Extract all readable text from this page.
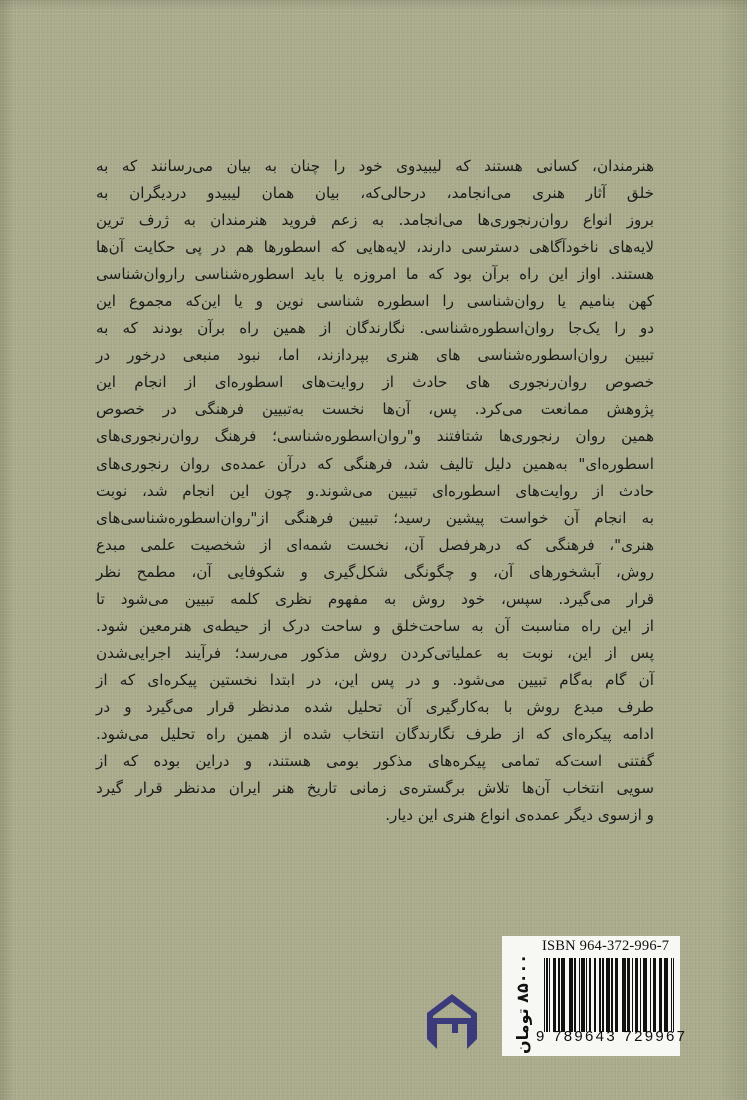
هنرمندان، کسانی هستند که لیبیدوی خود را چنان به بیان می‌رسانند که به
خلق آثار هنری می‌انجامد، درحالی‌که، بیان همان لیبیدو دردیگران به
بروز انواع روان‌رنجوری‌ها می‌انجامد. به زعم فروید هنرمندان به ژرف ترین
لایه‌های ناخودآگاهی دسترسی دارند، لایه‌هایی که اسطورها هم در پی حکایت آن‌ها
هستند. اواز این راه برآن بود که ما امروزه یا باید اسطوره‌شناسی راروان‌شناسی
کهن بنامیم یا روان‌شناسی را اسطوره شناسی نوین و یا این‌که مجموع این
دو را یک‌جا روان‌اسطوره‌شناسی. نگارندگان از همین راه برآن بودند که به
تبیین روان‌اسطوره‌شناسی های هنری بپردازند، اما، نبود منبعی درخور در
خصوص روان‌رنجوری های حادث از روایت‌های اسطوره‌ای از انجام این
پژوهش ممانعت می‌کرد. پس، آن‌ها نخست به‌تبیین فرهنگی در خصوص
همین روان رنجوری‌ها شتافتند و"روان‌اسطوره‌شناسی؛ فرهنگ روان‌رنجوری‌های
اسطوره‌ای" به‌همین دلیل تالیف شد، فرهنگی که درآن عمده‌ی روان رنجوری‌های
حادث از روایت‌های اسطوره‌ای تبیین می‌شوند.و چون این انجام شد، نوبت
به انجام آن خواست پیشین رسید؛ تبیین فرهنگی از"روان‌اسطوره‌شناسی‌های
هنری"، فرهنگی که درهرفصل آن، نخست شمه‌ای از شخصیت علمی مبدع
روش، آبشخورهای آن، و چگونگی شکل‌گیری و شکوفایی آن، مطمح نظر
قرار می‌گیرد. سپس، خود روش به مفهوم نظری کلمه تبیین می‌شود تا
از این راه مناسبت آن به ساحت‌خلق و ساحت درک از حیطه‌ی هنرمعین شود.
پس از این، نوبت به عملیاتی‌کردن روش مذکور می‌رسد؛ فرآیند اجرایی‌شدن
آن گام به‌گام تبیین می‌شود. و در پس این، در ابتدا نخستین پیکره‌ای که از
طرف مبدع روش با به‌کارگیری آن تحلیل شده مدنظر قرار می‌گیرد و در
ادامه پیکره‌ای که از طرف نگارندگان انتخاب شده از همین راه تحلیل می‌شود.
گفتنی است‌که تمامی پیکره‌های مذکور بومی هستند، و دراین بوده که از
سویی انتخاب آن‌ها تلاش برگستره‌ی زمانی تاریخ هنر ایران مدنظر قرار گیرد
و ازسوی دیگر عمده‌ی انواع هنری این دیار.
ISBN 964-372-996-7
9 789643 729967
۸۵۰۰۰ تومان
